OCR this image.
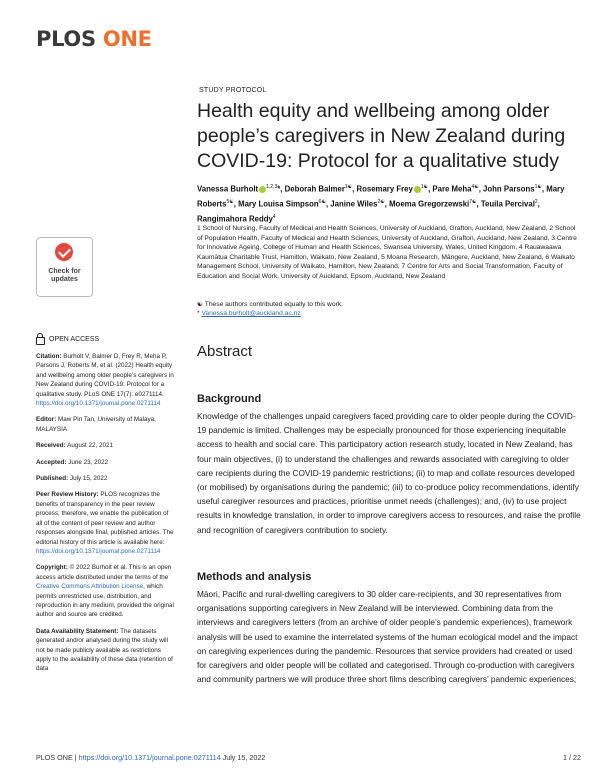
PLOS ONE
STUDY PROTOCOL
Health equity and wellbeing among older people’s caregivers in New Zealand during COVID-19: Protocol for a qualitative study
Vanessa Burholt $^{1,2,3}$*, Deborah Balmer$^{1☯}$, Rosemary Frey $^{1☯}$, Pare Meha$^{4☯}$, John Parsons$^{1☯}$, Mary Roberts$^{5☯}$, Mary Louisa Simpson$^{6☯}$, Janine Wiles$^{2☯}$, Moema Gregorzewski$^{7☯}$, Teuila Percival$^2$, Rangimahora Reddy$^4$
1 School of Nursing, Faculty of Medical and Health Sciences, University of Auckland, Grafton, Auckland, New Zealand, 2 School of Population Health, Faculty of Medical and Health Sciences, University of Auckland, Grafton, Auckland, New Zealand, 3 Centre for Innovative Ageing, College of Human and Health Sciences, Swansea University, Wales, United Kingdom, 4 Rauawaawa Kaumātua Charitable Trust, Hamilton, Waikato, New Zealand, 5 Moana Research, Māngere, Auckland, New Zealand, 6 Waikato Management School, University of Waikato, Hamilton, New Zealand, 7 Centre for Arts and Social Transformation, Faculty of Education and Social Work, University of Auckland, Epsom, Auckland, New Zealand
☯ These authors contributed equally to this work.
* Vanessa.burholt@auckland.ac.nz
Abstract
Background
Knowledge of the challenges unpaid caregivers faced providing care to older people during the COVID-19 pandemic is limited. Challenges may be especially pronounced for those experiencing inequitable access to health and social care. This participatory action research study, located in New Zealand, has four main objectives, (i) to understand the challenges and rewards associated with caregiving to older care recipients during the COVID-19 pandemic restrictions; (ii) to map and collate resources developed (or mobilised) by organisations during the pandemic; (iii) to co-produce policy recommendations, identify useful caregiver resources and practices, prioritise unmet needs (challenges); and, (iv) to use project results in knowledge translation, in order to improve caregivers access to resources, and raise the profile and recognition of caregivers contribution to society.
Methods and analysis
Māori, Pacific and rural-dwelling caregivers to 30 older care-recipients, and 30 representatives from organisations supporting caregivers in New Zealand will be interviewed. Combining data from the interviews and caregivers letters (from an archive of older people’s pandemic experiences), framework analysis will be used to examine the interrelated systems of the human ecological model and the impact on caregiving experiences during the pandemic. Resources that service providers had created or used for caregivers and older people will be collated and categorised. Through co-production with caregivers and community partners we will produce three short films describing caregivers’ pandemic experiences;
Check for
updates
OPEN ACCESS
Citation: Burholt V, Balmer D, Frey R, Meha P, Parsons J, Roberts M, et al. (2022) Health equity and wellbeing among older people’s caregivers in New Zealand during COVID-19: Protocol for a qualitative study. PLoS ONE 17(7): e0271114. https://doi.org/10.1371/journal.pone.0271114
Editor: Maw Pin Tan, University of Malaya, MALAYSIA
Received: August 22, 2021
Accepted: June 23, 2022
Published: July 15, 2022
Peer Review History: PLOS recognizes the benefits of transparency in the peer review process; therefore, we enable the publication of all of the content of peer review and author responses alongside final, published articles. The editorial history of this article is available here: https://doi.org/10.1371/journal.pone.0271114
Copyright: © 2022 Burholt et al. This is an open access article distributed under the terms of the Creative Commons Attribution License, which permits unrestricted use, distribution, and reproduction in any medium, provided the original author and source are credited.
Data Availability Statement: The datasets generated and/or analysed during the study will not be made publicly available as restrictions apply to the availability of these data (retention of data
PLOS ONE | https://doi.org/10.1371/journal.pone.0271114 July 15, 2022	1 / 22
